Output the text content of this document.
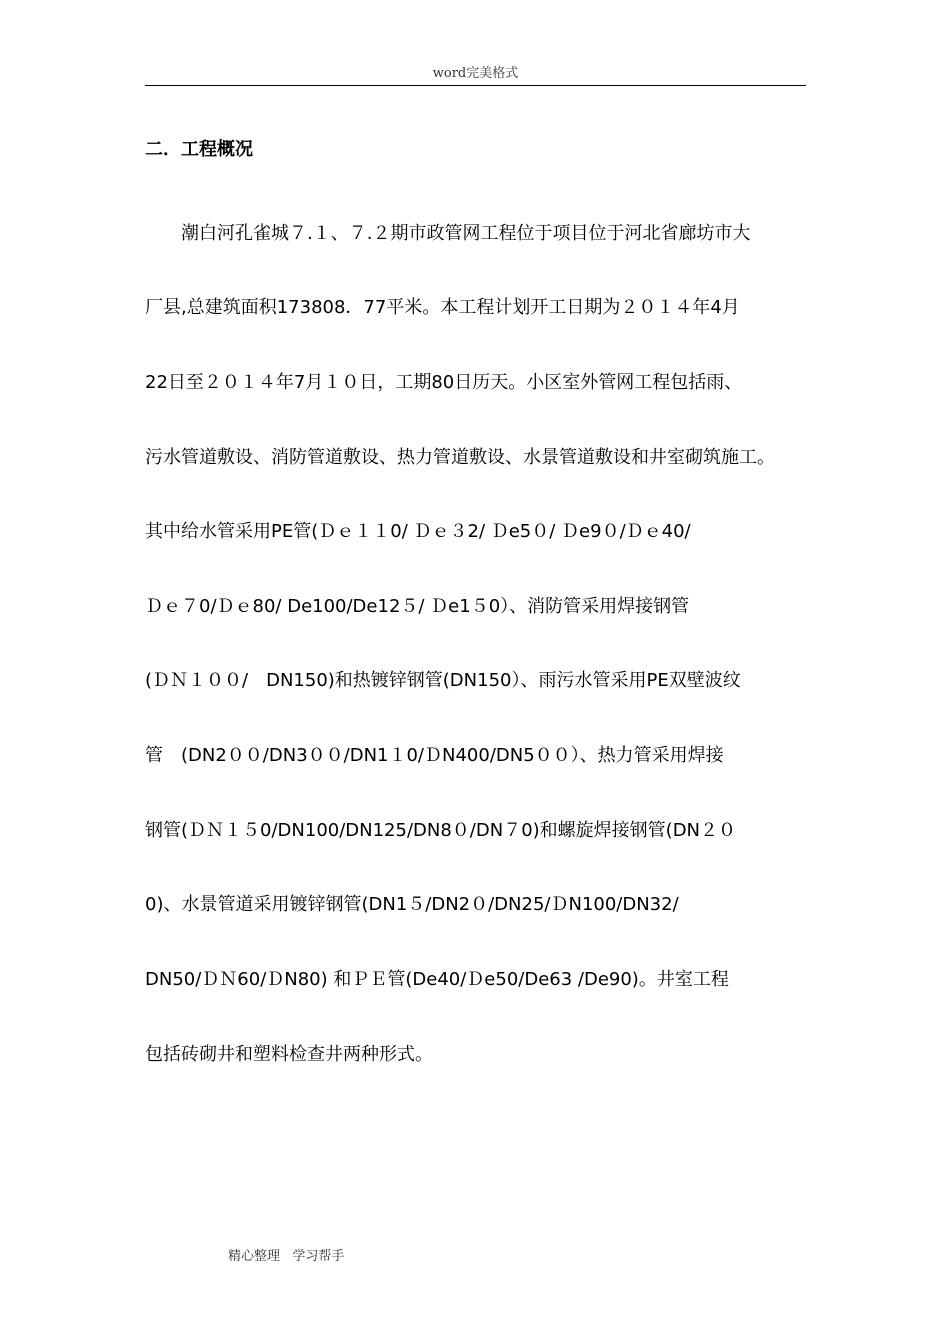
word完美格式
二．工程概况
　　潮白河孔雀城７.１、７.２期市政管网工程位于项目位于河北省廊坊市大
厂县,总建筑面积173808．77平米。本工程计划开工日期为２０１４年4月
22日至２０１４年7月１０日，工期80日历天。小区室外管网工程包括雨、
污水管道敷设、消防管道敷设、热力管道敷设、水景管道敷设和井室砌筑施工。
其中给水管采用PE管(Ｄｅ１１0/ Ｄｅ３2/ Ｄe5０/ Ｄe9０/Ｄｅ40/
Ｄｅ７0/Ｄｅ80/ De100/De12５/ Ｄe1５0）、消防管采用焊接钢管
(ＤＮ１００/　DN150)和热镀锌钢管(DN150）、雨污水管采用PE双壁波纹
管　(DN2００/DN3００/DN1１0/ＤN400/DN5００）、热力管采用焊接
钢管(ＤＮ１５0/DN100/DN125/DN8０/DN７0)和螺旋焊接钢管(DN２０
0)、水景管道采用镀锌钢管(DN1５/DN2０/DN25/ＤN100/DN32/
DN50/ＤＮ60/ＤN80) 和ＰＥ管(De40/Ｄe50/De63 /De90)。井室工程
包括砖砌井和塑料检查井两种形式。
精心整理   学习帮手
